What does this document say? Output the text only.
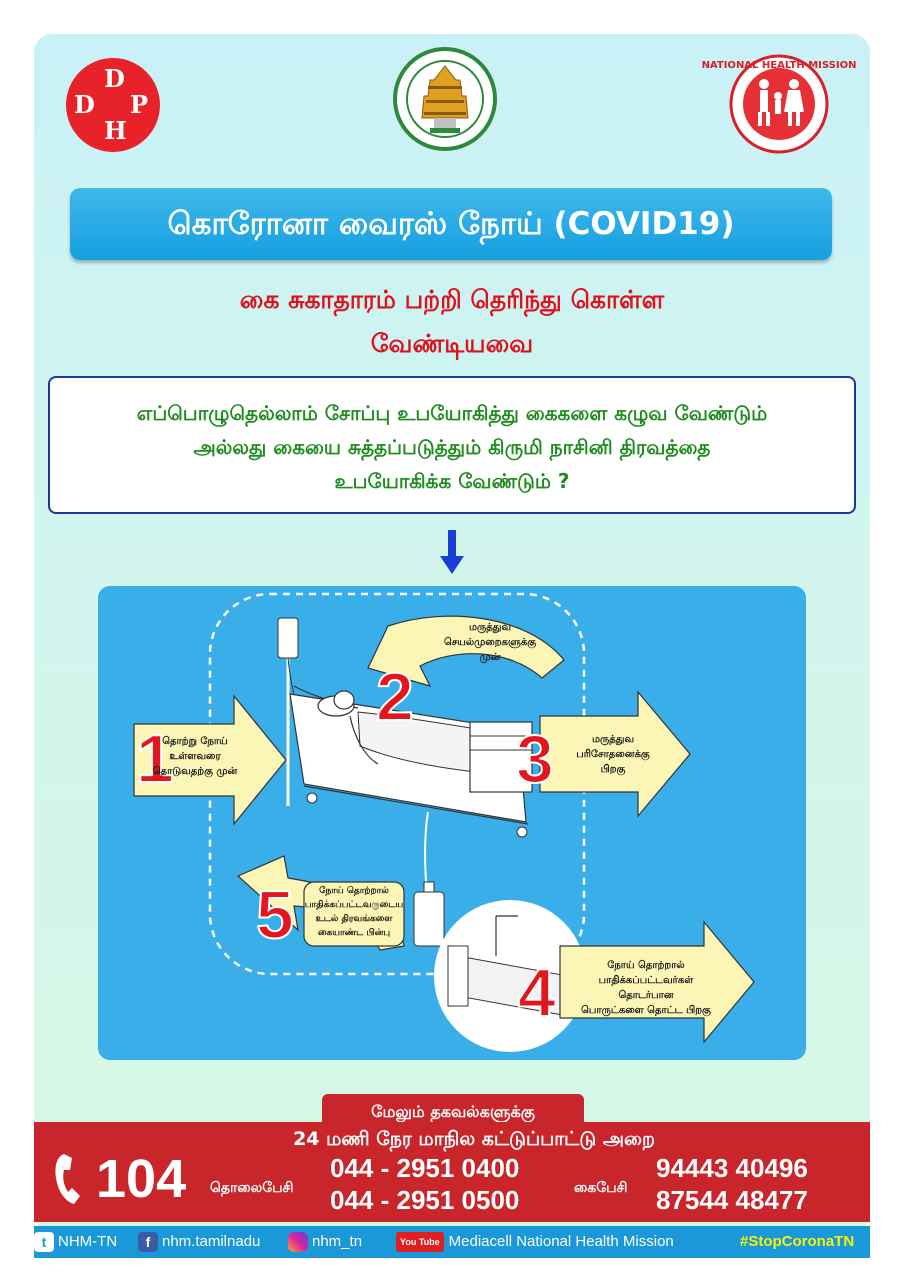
D
D P
H
NATIONAL HEALTH MISSION
கொரோனா வைரஸ் நோய் (COVID19)
கை சுகாதாரம் பற்றி தெரிந்து கொள்ள
வேண்டியவை
எப்பொழுதெல்லாம் சோப்பு உபயோகித்து கைகளை கழுவ வேண்டும்
அல்லது கையை சுத்தப்படுத்தும் கிருமி நாசினி திரவத்தை
உபயோகிக்க வேண்டும் ?
1
2
3
4
5
தொற்று நோய்
உள்ளவரை
தொடுவதற்கு முன்
மருத்துவ
செயல்முறைகளுக்கு
முன்
மருத்துவ
பரிசோதனைக்கு
பிறகு
நோய் தொற்றால்
பாதிக்கப்பட்டவர்கள் தொடர்பான
பொருட்களை தொட்ட பிறகு
நோய் தொற்றால்
பாதிக்கப்பட்டவருடைய
உடல் திரவங்களை
கையாண்ட பின்பு
மேலும் தகவல்களுக்கு
24 மணி நேர மாநில கட்டுப்பாட்டு அறை
104 தொலைபேசி
044 - 2951 0400
044 - 2951 0500	கைபேசி
94443 40496
87544 48477
t NHM-TN	f nhm.tamilnadu	nhm_tn	You Tube Mediacell National Health Mission	#StopCoronaTN
